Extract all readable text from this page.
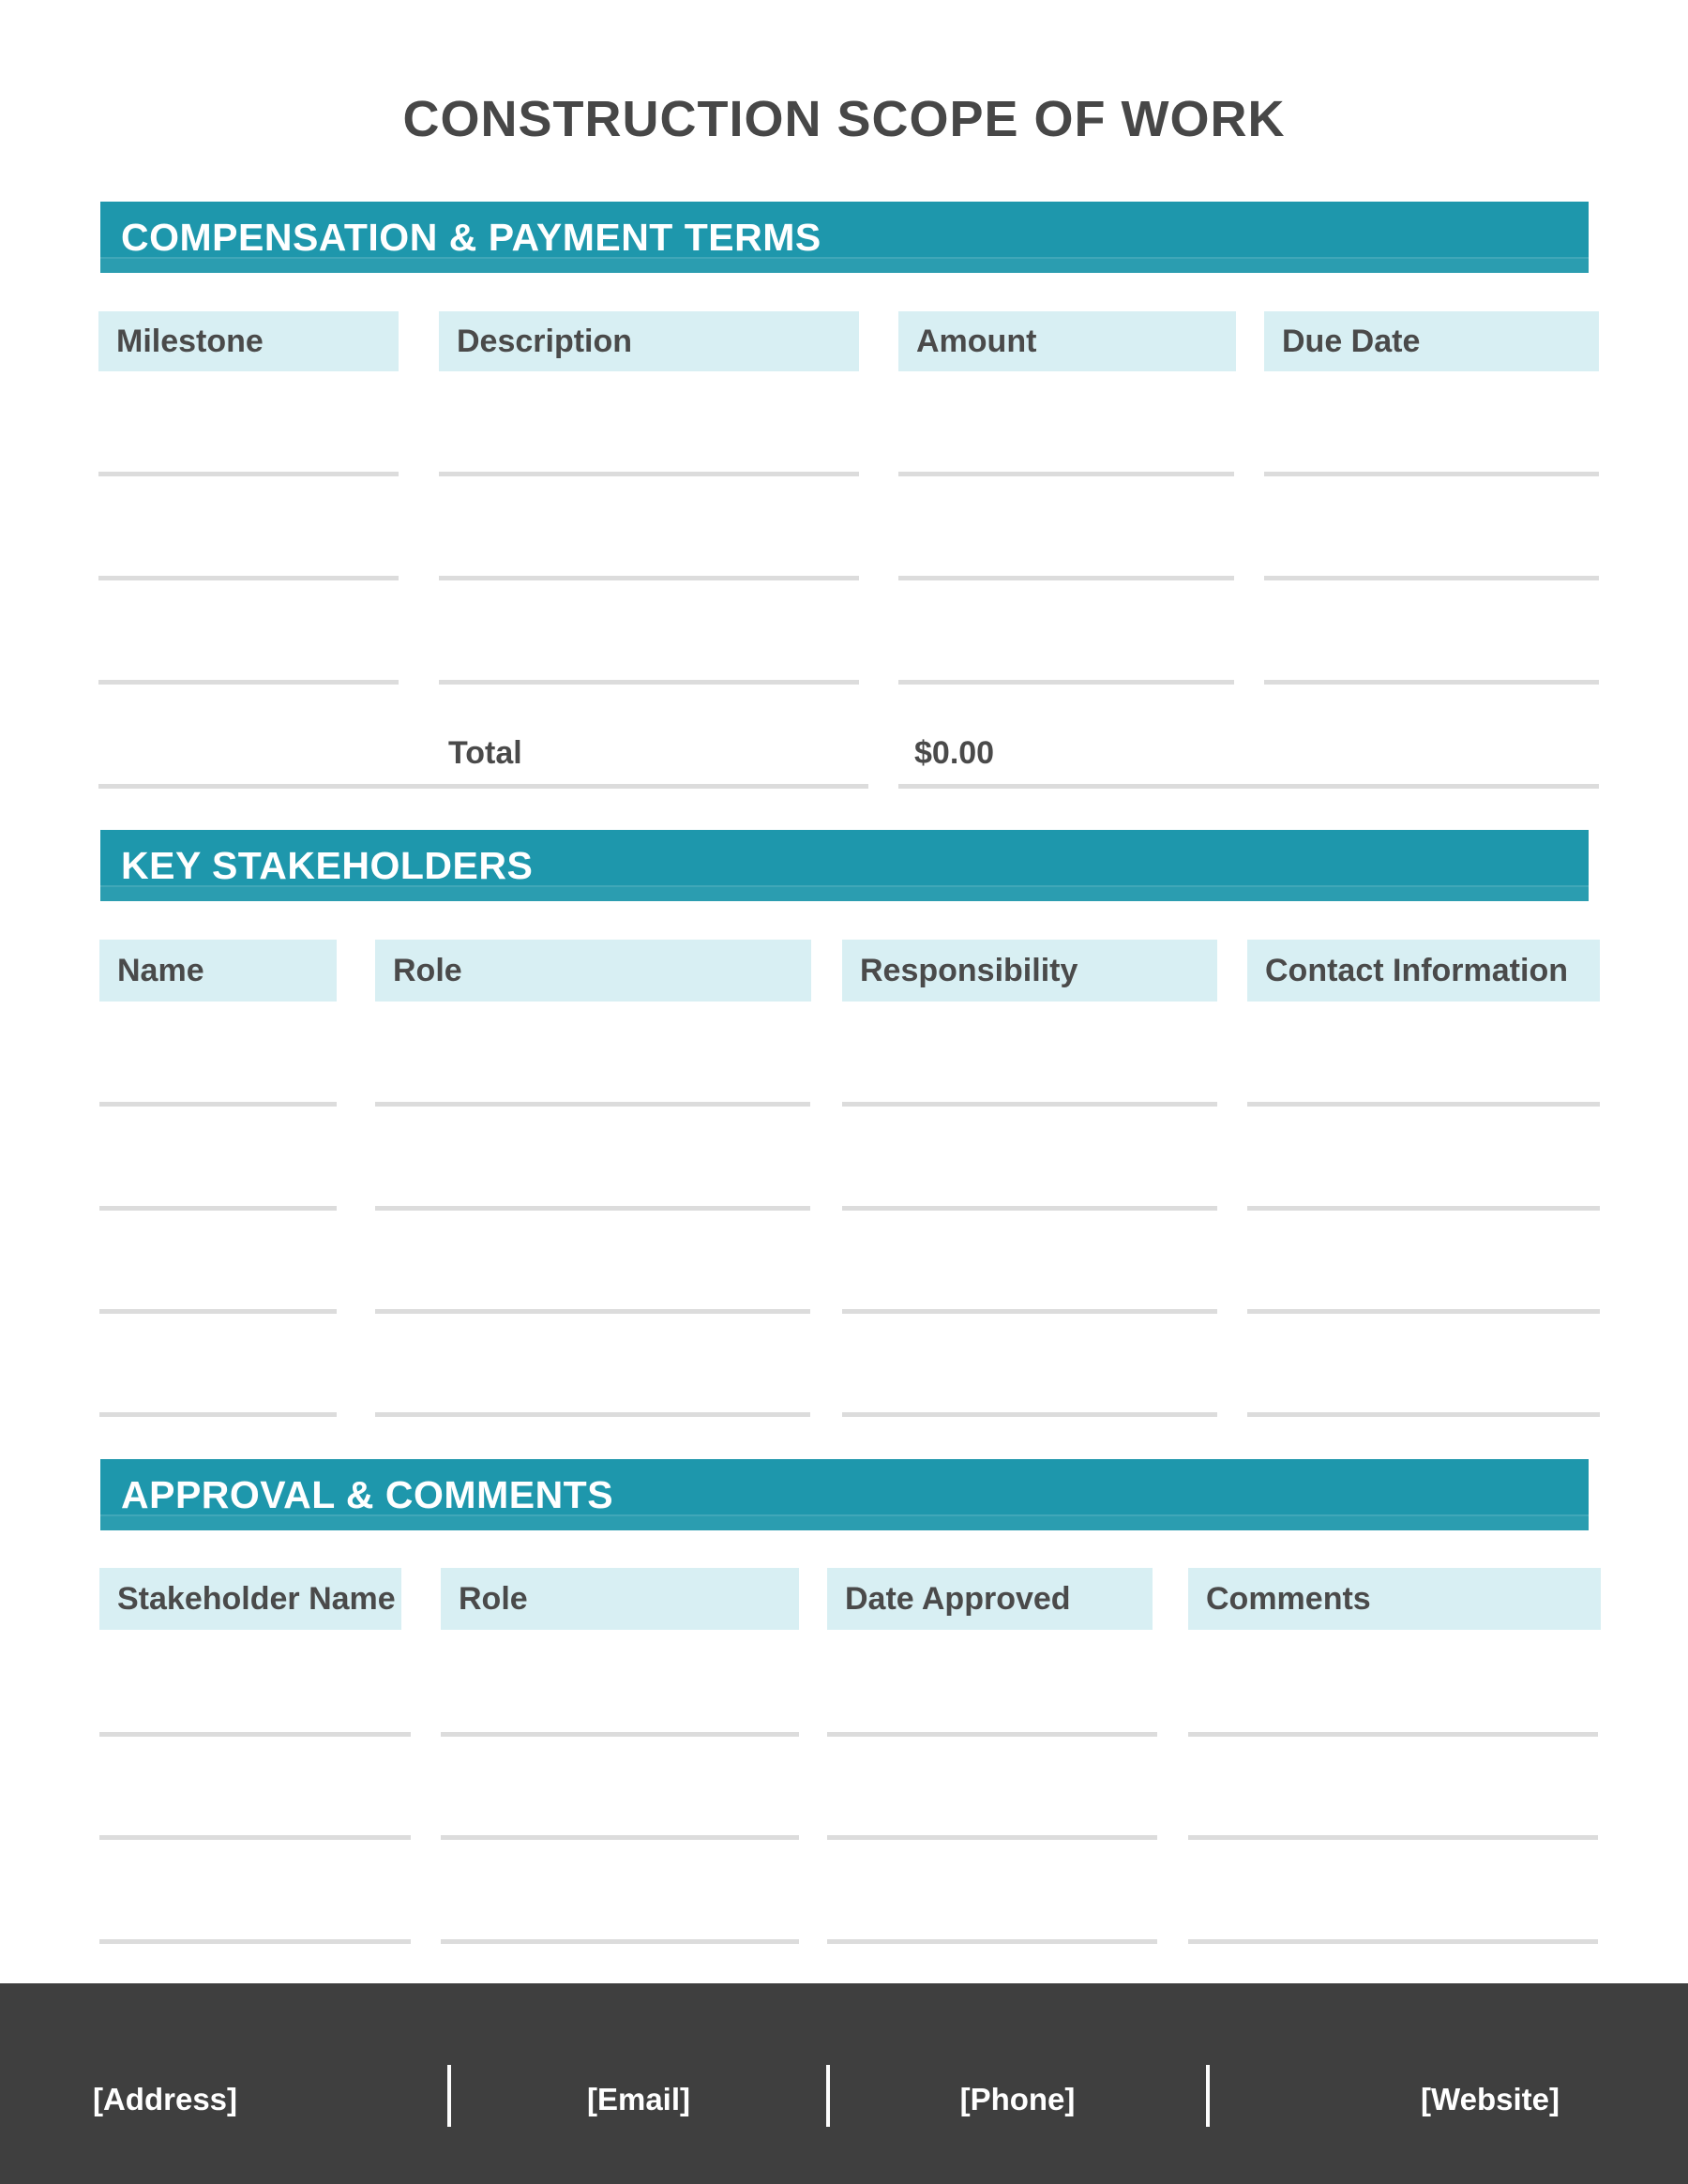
CONSTRUCTION SCOPE OF WORK
COMPENSATION & PAYMENT TERMS
Milestone	Description	Amount	Due Date
Total	$0.00
KEY STAKEHOLDERS
Name	Role	Responsibility	Contact Information
APPROVAL & COMMENTS
Stakeholder Name	Role	Date Approved	Comments
[Address]	[Email]	[Phone]	[Website]
